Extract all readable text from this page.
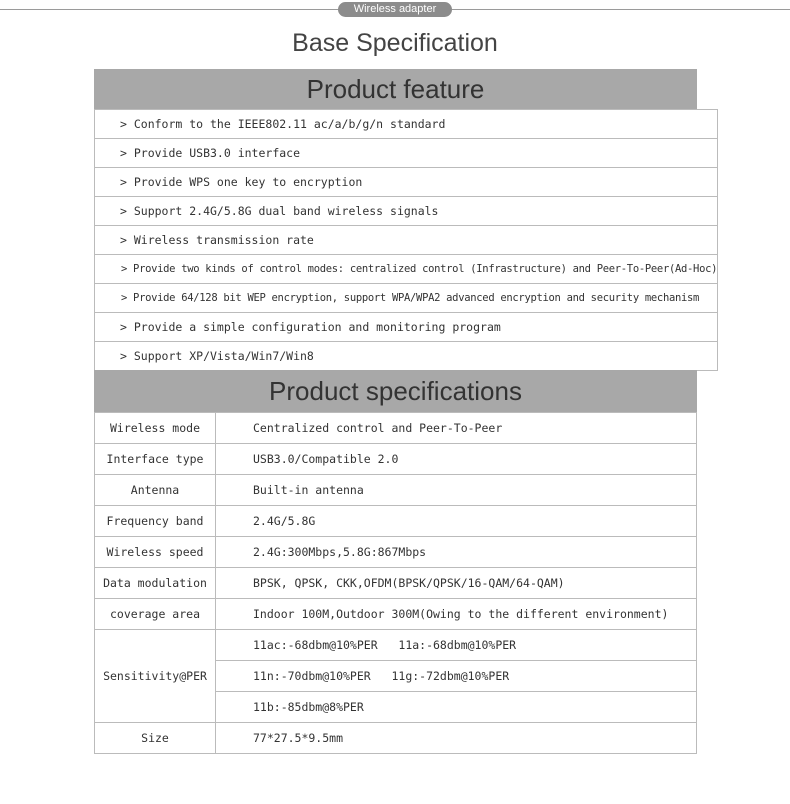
Wireless adapter
Base Specification
Product feature
> Conform to the IEEE802.11 ac/a/b/g/n standard
> Provide USB3.0 interface
> Provide WPS one key to encryption
> Support 2.4G/5.8G dual band wireless signals
> Wireless transmission rate
> Provide two kinds of control modes: centralized control (Infrastructure) and Peer-To-Peer(Ad-Hoc)
> Provide 64/128 bit WEP encryption, support WPA/WPA2 advanced encryption and security mechanism
> Provide a simple configuration and monitoring program
> Support XP/Vista/Win7/Win8
Product specifications
Wireless mode	Centralized control and Peer-To-Peer
Interface type	USB3.0/Compatible 2.0
Antenna	Built-in antenna
Frequency band	2.4G/5.8G
Wireless speed	2.4G:300Mbps,5.8G:867Mbps
Data modulation	BPSK, QPSK, CKK,OFDM(BPSK/QPSK/16-QAM/64-QAM)
coverage area	Indoor 100M,Outdoor 300M(Owing to the different environment)
Sensitivity@PER	11ac:-68dbm@10%PER   11a:-68dbm@10%PER
	11n:-70dbm@10%PER   11g:-72dbm@10%PER
	11b:-85dbm@8%PER
Size	77*27.5*9.5mm
